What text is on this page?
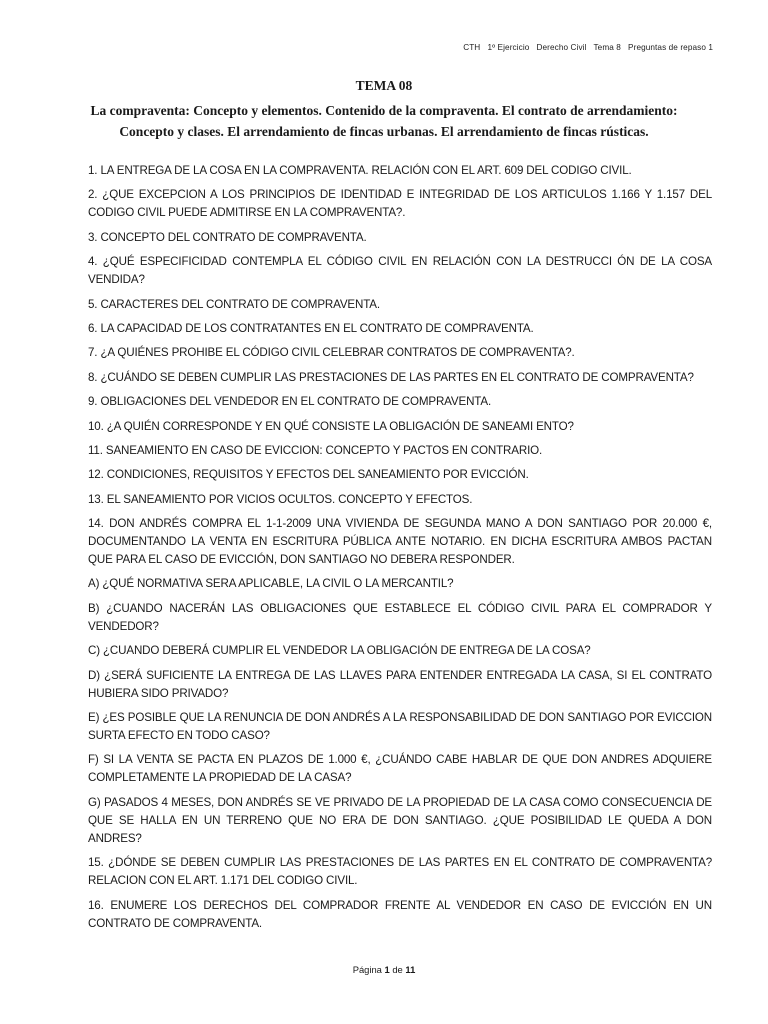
CTH   1º Ejercicio   Derecho Civil   Tema 8   Preguntas de repaso 1
TEMA 08
La compraventa: Concepto y elementos. Contenido de la compraventa. El contrato de arrendamiento: Concepto y clases. El arrendamiento de fincas urbanas. El arrendamiento de fincas rústicas.

1. LA ENTREGA DE LA COSA EN LA COMPRAVENTA. RELACIÓN CON EL ART. 609 DEL CODIGO CIVIL.

2. ¿QUE EXCEPCION A LOS PRINCIPIOS DE IDENTIDAD E INTEGRIDAD DE LOS ARTICULOS 1.166 Y 1.157 DEL CODIGO CIVIL PUEDE ADMITIRSE EN LA COMPRAVENTA?.

3. CONCEPTO DEL CONTRATO DE COMPRAVENTA.

4. ¿QUÉ ESPECIFICIDAD CONTEMPLA EL CÓDIGO CIVIL EN RELACIÓN CON LA DESTRUCCI ÓN DE LA COSA VENDIDA?

5. CARACTERES DEL CONTRATO DE COMPRAVENTA.

6. LA CAPACIDAD DE LOS CONTRATANTES EN EL CONTRATO DE COMPRAVENTA.

7. ¿A QUIÉNES PROHIBE EL CÓDIGO CIVIL CELEBRAR CONTRATOS DE COMPRAVENTA?.

8. ¿CUÁNDO SE DEBEN CUMPLIR LAS PRESTACIONES DE LAS PARTES EN EL CONTRATO DE COMPRAVENTA?

9. OBLIGACIONES DEL VENDEDOR EN EL CONTRATO DE COMPRAVENTA.

10. ¿A QUIÉN CORRESPONDE Y EN QUÉ CONSISTE LA OBLIGACIÓN DE SANEAMI ENTO?

11. SANEAMIENTO EN CASO DE EVICCION: CONCEPTO Y PACTOS EN CONTRARIO.

12. CONDICIONES, REQUISITOS Y EFECTOS DEL SANEAMIENTO POR EVICCIÓN.

13. EL SANEAMIENTO POR VICIOS OCULTOS. CONCEPTO Y EFECTOS.

14. DON ANDRÉS COMPRA EL 1-1-2009 UNA VIVIENDA DE SEGUNDA MANO A DON SANTIAGO POR 20.000 €, DOCUMENTANDO LA VENTA EN ESCRITURA PÚBLICA ANTE NOTARIO. EN DICHA ESCRITURA AMBOS PACTAN QUE PARA EL CASO DE EVICCIÓN, DON SANTIAGO NO DEBERA RESPONDER.

A) ¿QUÉ NORMATIVA SERA APLICABLE, LA CIVIL O LA MERCANTIL?

B) ¿CUANDO NACERÁN LAS OBLIGACIONES QUE ESTABLECE EL CÓDIGO CIVIL PARA EL COMPRADOR Y VENDEDOR?

C) ¿CUANDO DEBERÁ CUMPLIR EL VENDEDOR LA OBLIGACIÓN DE ENTREGA DE LA COSA?

D) ¿SERÁ SUFICIENTE LA ENTREGA DE LAS LLAVES PARA ENTENDER ENTREGADA LA CASA, SI EL CONTRATO HUBIERA SIDO PRIVADO?

E) ¿ES POSIBLE QUE LA RENUNCIA DE DON ANDRÉS A LA RESPONSABILIDAD DE DON SANTIAGO POR EVICCION SURTA EFECTO EN TODO CASO?

F) SI LA VENTA SE PACTA EN PLAZOS DE 1.000 €, ¿CUÁNDO CABE HABLAR DE QUE DON ANDRES ADQUIERE COMPLETAMENTE LA PROPIEDAD DE LA CASA?

G) PASADOS 4 MESES, DON ANDRÉS SE VE PRIVADO DE LA PROPIEDAD DE LA CASA COMO CONSECUENCIA DE QUE SE HALLA EN UN TERRENO QUE NO ERA DE DON SANTIAGO. ¿QUE POSIBILIDAD LE QUEDA A DON ANDRES?

15. ¿DÓNDE SE DEBEN CUMPLIR LAS PRESTACIONES DE LAS PARTES EN EL CONTRATO DE COMPRAVENTA? RELACION CON EL ART. 1.171 DEL CODIGO CIVIL.

16. ENUMERE LOS DERECHOS DEL COMPRADOR FRENTE AL VENDEDOR EN CASO DE EVICCIÓN EN UN CONTRATO DE COMPRAVENTA.

Página 1 de 11
